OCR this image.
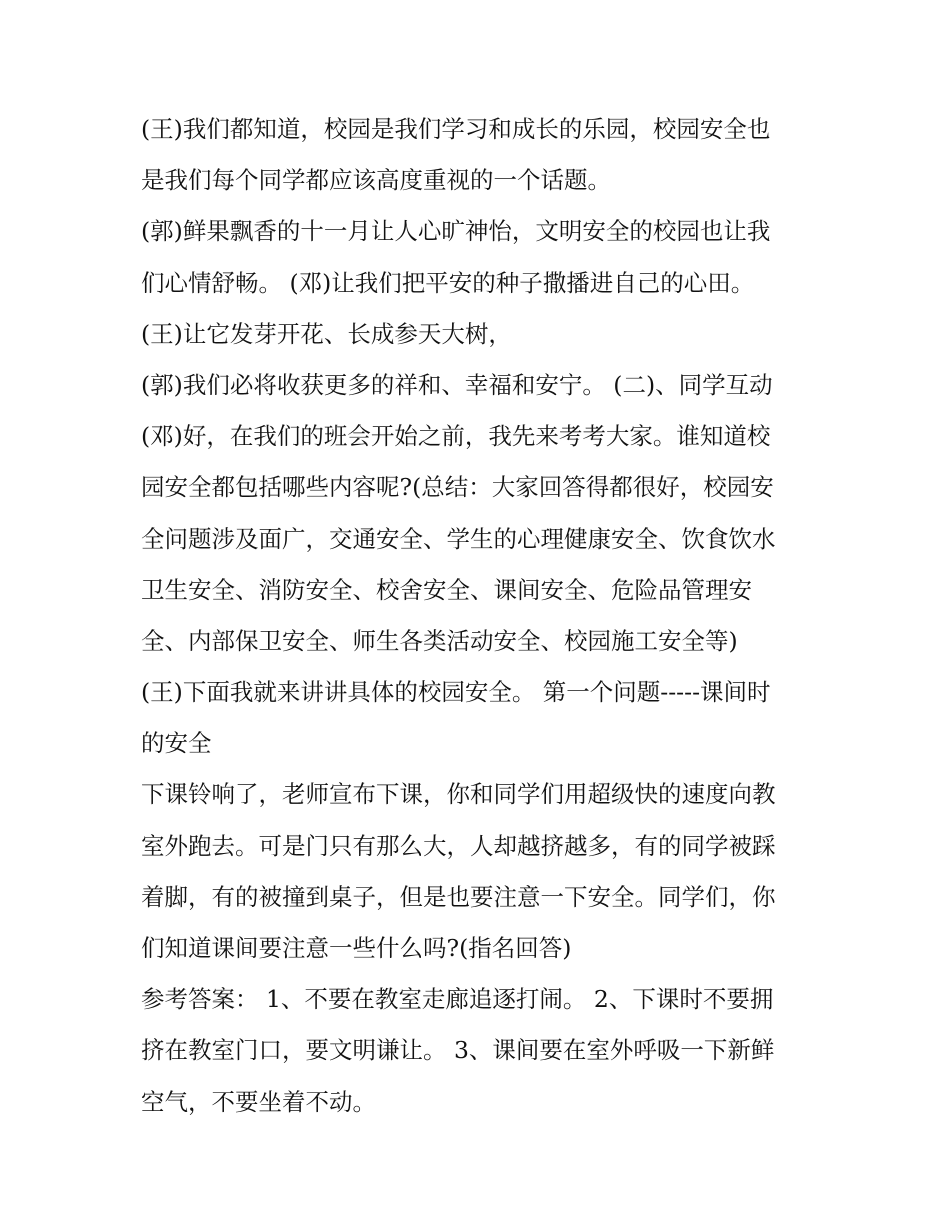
(王)我们都知道，校园是我们学习和成长的乐园，校园安全也
是我们每个同学都应该高度重视的一个话题。
(郭)鲜果飘香的十一月让人心旷神怡，文明安全的校园也让我
们心情舒畅。 (邓)让我们把平安的种子撒播进自己的心田。
(王)让它发芽开花、长成参天大树，
(郭)我们必将收获更多的祥和、幸福和安宁。 (二)、同学互动
(邓)好，在我们的班会开始之前，我先来考考大家。谁知道校
园安全都包括哪些内容呢?(总结：大家回答得都很好，校园安
全问题涉及面广，交通安全、学生的心理健康安全、饮食饮水
卫生安全、消防安全、校舍安全、课间安全、危险品管理安
全、内部保卫安全、师生各类活动安全、校园施工安全等)
(王)下面我就来讲讲具体的校园安全。 第一个问题-----课间时
的安全
下课铃响了，老师宣布下课，你和同学们用超级快的速度向教
室外跑去。可是门只有那么大，人却越挤越多，有的同学被踩
着脚，有的被撞到桌子，但是也要注意一下安全。同学们，你
们知道课间要注意一些什么吗?(指名回答)
参考答案： 1、不要在教室走廊追逐打闹。 2、下课时不要拥
挤在教室门口，要文明谦让。 3、课间要在室外呼吸一下新鲜
空气，不要坐着不动。
